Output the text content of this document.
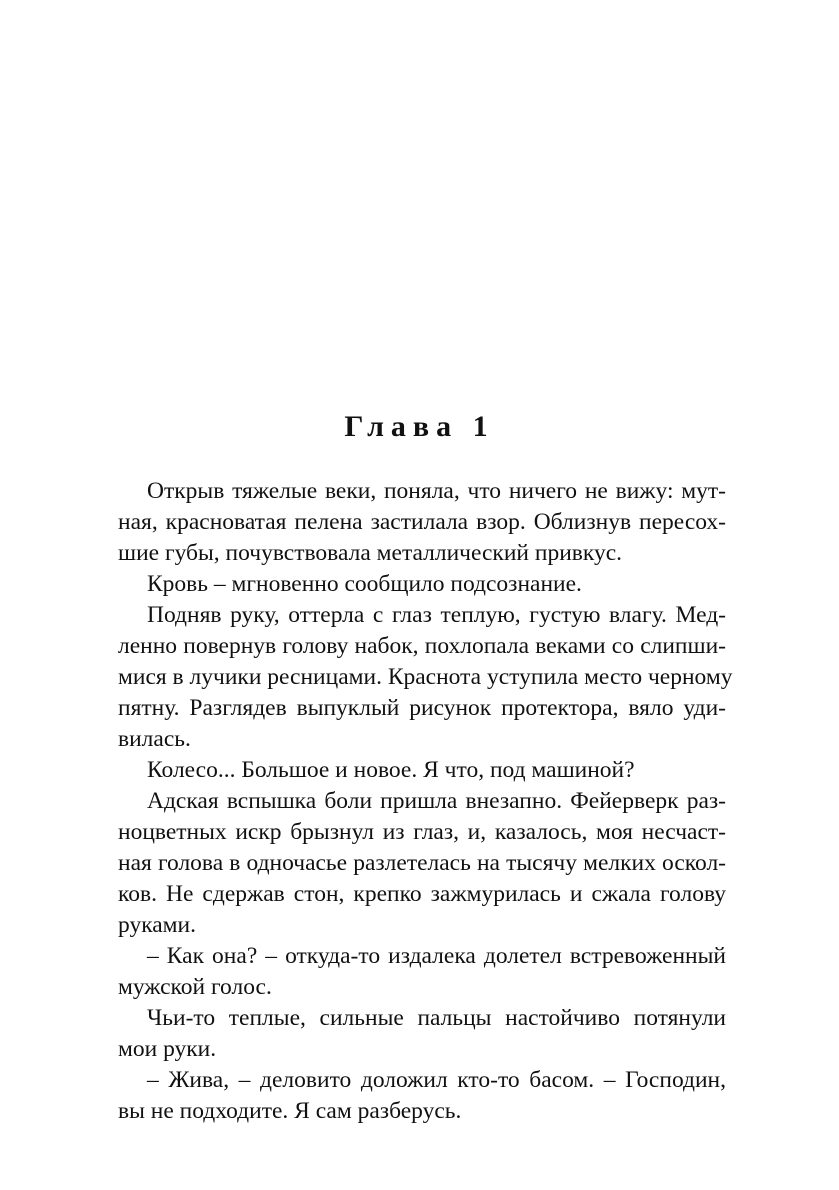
Глава 1
Открыв тяжелые веки, поняла, что ничего не вижу: мут-
ная, красноватая пелена застилала взор. Облизнув пересох-
шие губы, почувствовала металлический привкус.
Кровь – мгновенно сообщило подсознание.
Подняв руку, оттерла с глаз теплую, густую влагу. Мед-
ленно повернув голову набок, похлопала веками со слипши-
мися в лучики ресницами. Краснота уступила место черному
пятну. Разглядев выпуклый рисунок протектора, вяло уди-
вилась.
Колесо... Большое и новое. Я что, под машиной?
Адская вспышка боли пришла внезапно. Фейерверк раз-
ноцветных искр брызнул из глаз, и, казалось, моя несчаст-
ная голова в одночасье разлетелась на тысячу мелких оскол-
ков. Не сдержав стон, крепко зажмурилась и сжала голову
руками.
– Как она? – откуда-то издалека долетел встревоженный
мужской голос.
Чьи-то теплые, сильные пальцы настойчиво потянули
мои руки.
– Жива, – деловито доложил кто-то басом. – Господин,
вы не подходите. Я сам разберусь.
